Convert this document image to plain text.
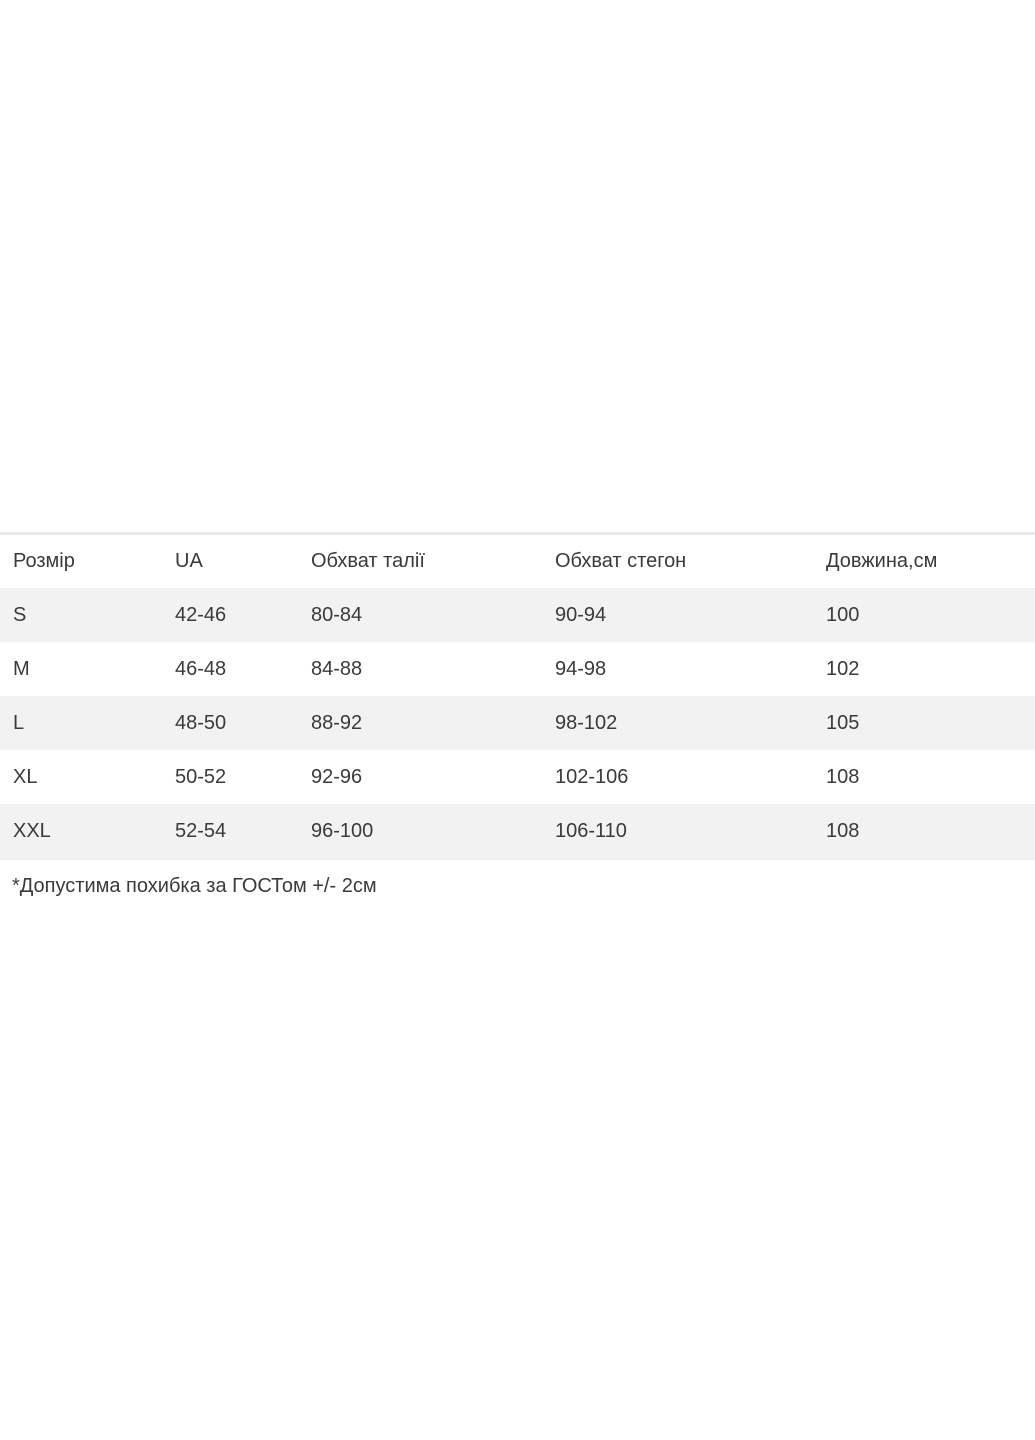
Розмір	UA	Обхват талії	Обхват стегон	Довжина,см
S	42-46	80-84	90-94	100
M	46-48	84-88	94-98	102
L	48-50	88-92	98-102	105
XL	50-52	92-96	102-106	108
XXL	52-54	96-100	106-110	108
*Допустима похибка за ГОСТом +/- 2см
